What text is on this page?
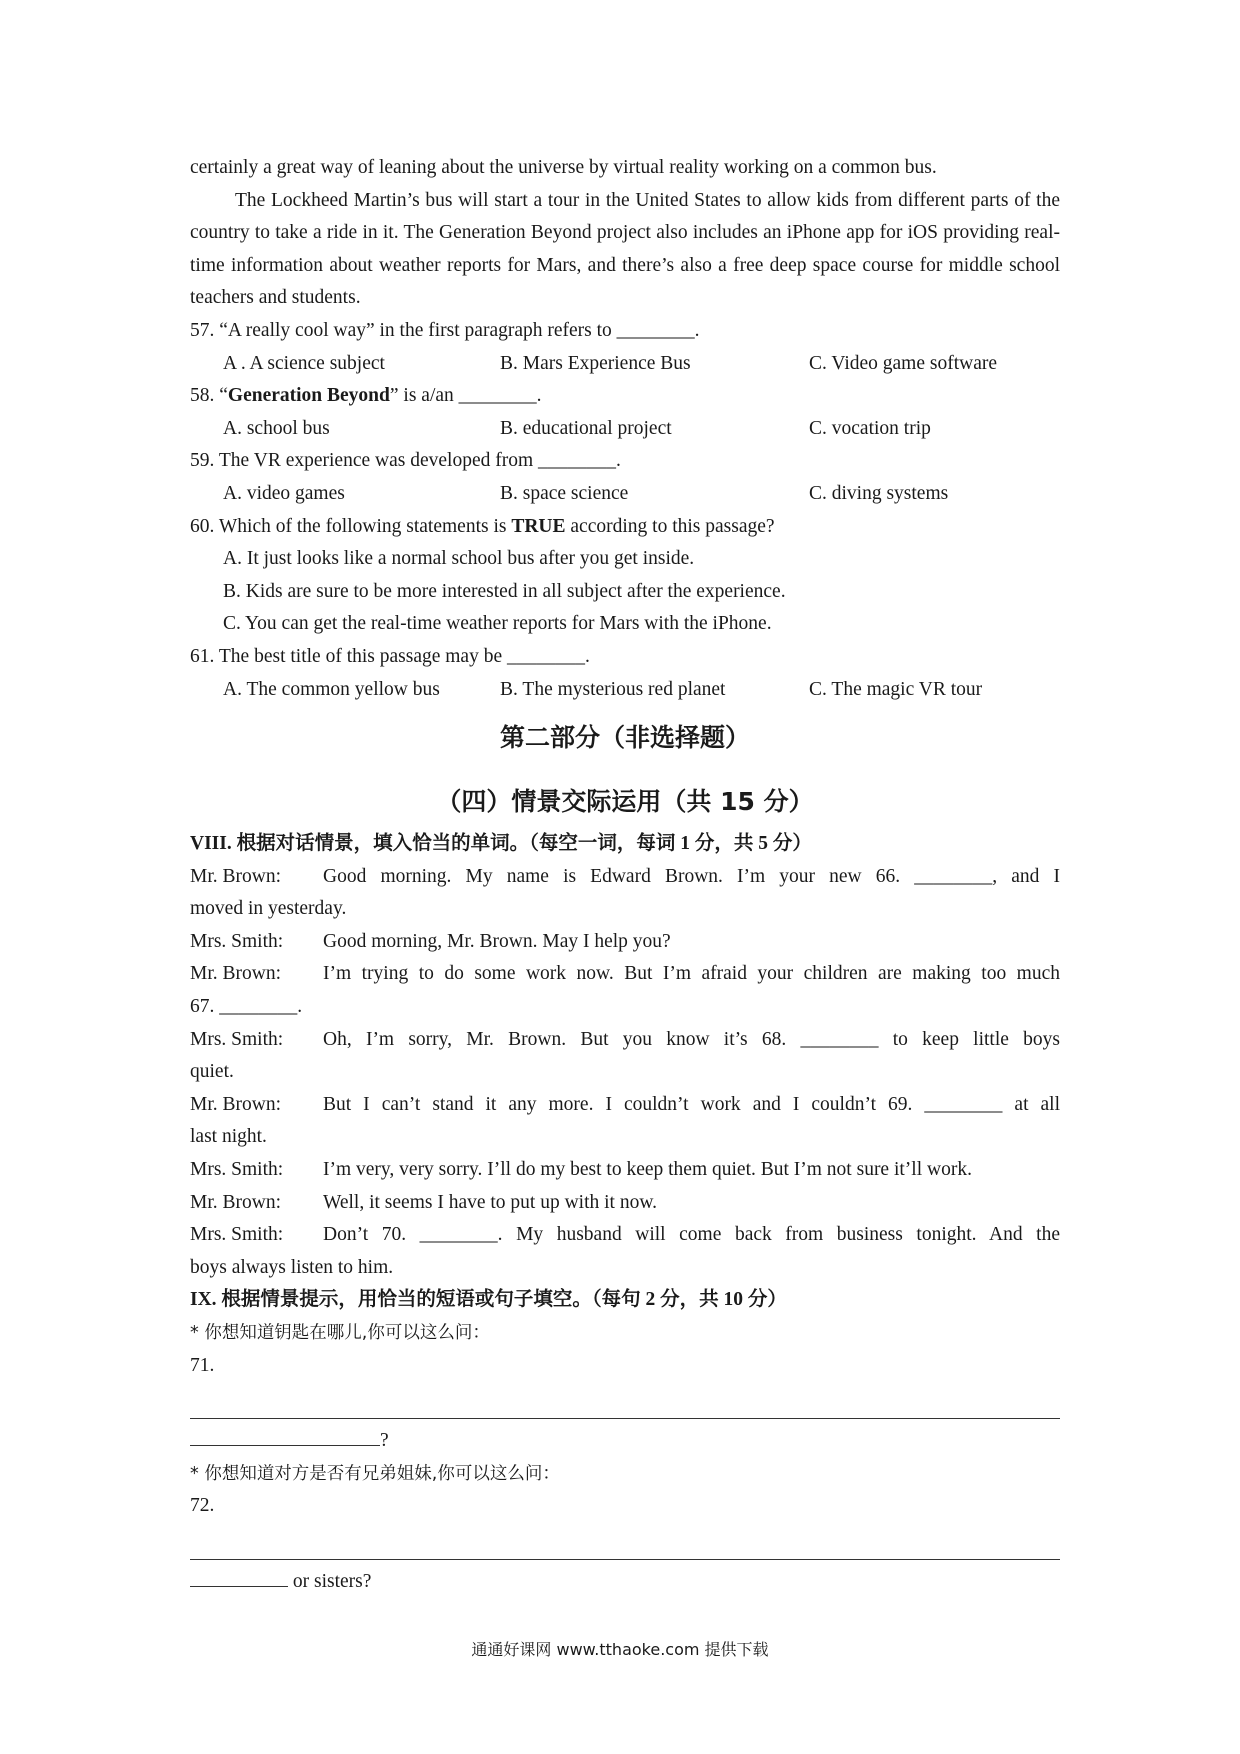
certainly a great way of leaning about the universe by virtual reality working on a common bus.

The Lockheed Martin’s bus will start a tour in the United States to allow kids from different parts of the country to take a ride in it. The Generation Beyond project also includes an iPhone app for iOS providing real-time information about weather reports for Mars, and there’s also a free deep space course for middle school teachers and students.

57. “A really cool way” in the first paragraph refers to ________.

A . A science subject	B. Mars Experience Bus	C. Video game software

58. “Generation Beyond” is a/an ________.

A. school bus	B. educational project	C. vocation trip

59. The VR experience was developed from ________.

A. video games	B. space science	C. diving systems

60. Which of the following statements is TRUE according to this passage?

A. It just looks like a normal school bus after you get inside.

B. Kids are sure to be more interested in all subject after the experience.

C. You can get the real-time weather reports for Mars with the iPhone.

61. The best title of this passage may be ________.

A. The common yellow bus	B. The mysterious red planet	C. The magic VR tour

第二部分（非选择题）

（四）情景交际运用（共 15 分）

VIII. 根据对话情景，填入恰当的单词。（每空一词，每词 1 分，共 5 分）

Mr. Brown:	Good morning. My name is Edward Brown. I’m your new 66. ________, and I

moved in yesterday.

Mrs. Smith:	Good morning, Mr. Brown. May I help you?
Mr. Brown:	I’m trying to do some work now. But I’m afraid your children are making too much

67. ________.

Mrs. Smith:	Oh, I’m sorry, Mr. Brown. But you know it’s 68. ________ to keep little boys

quiet.

Mr. Brown:	But I can’t stand it any more. I couldn’t work and I couldn’t 69. ________ at all

last night.

Mrs. Smith:	I’m very, very sorry. I’ll do my best to keep them quiet. But I’m not sure it’ll work.
Mr. Brown:	Well, it seems I have to put up with it now.
Mrs. Smith:	Don’t 70. ________. My husband will come back from business tonight. And the

boys always listen to him.

IX. 根据情景提示，用恰当的短语或句子填空。（每句 2 分，共 10 分）

* 你想知道钥匙在哪儿,你可以这么问：

71.

?

* 你想知道对方是否有兄弟姐妹,你可以这么问：

72.

or sisters?

通通好课网 www.tthaoke.com 提供下载
